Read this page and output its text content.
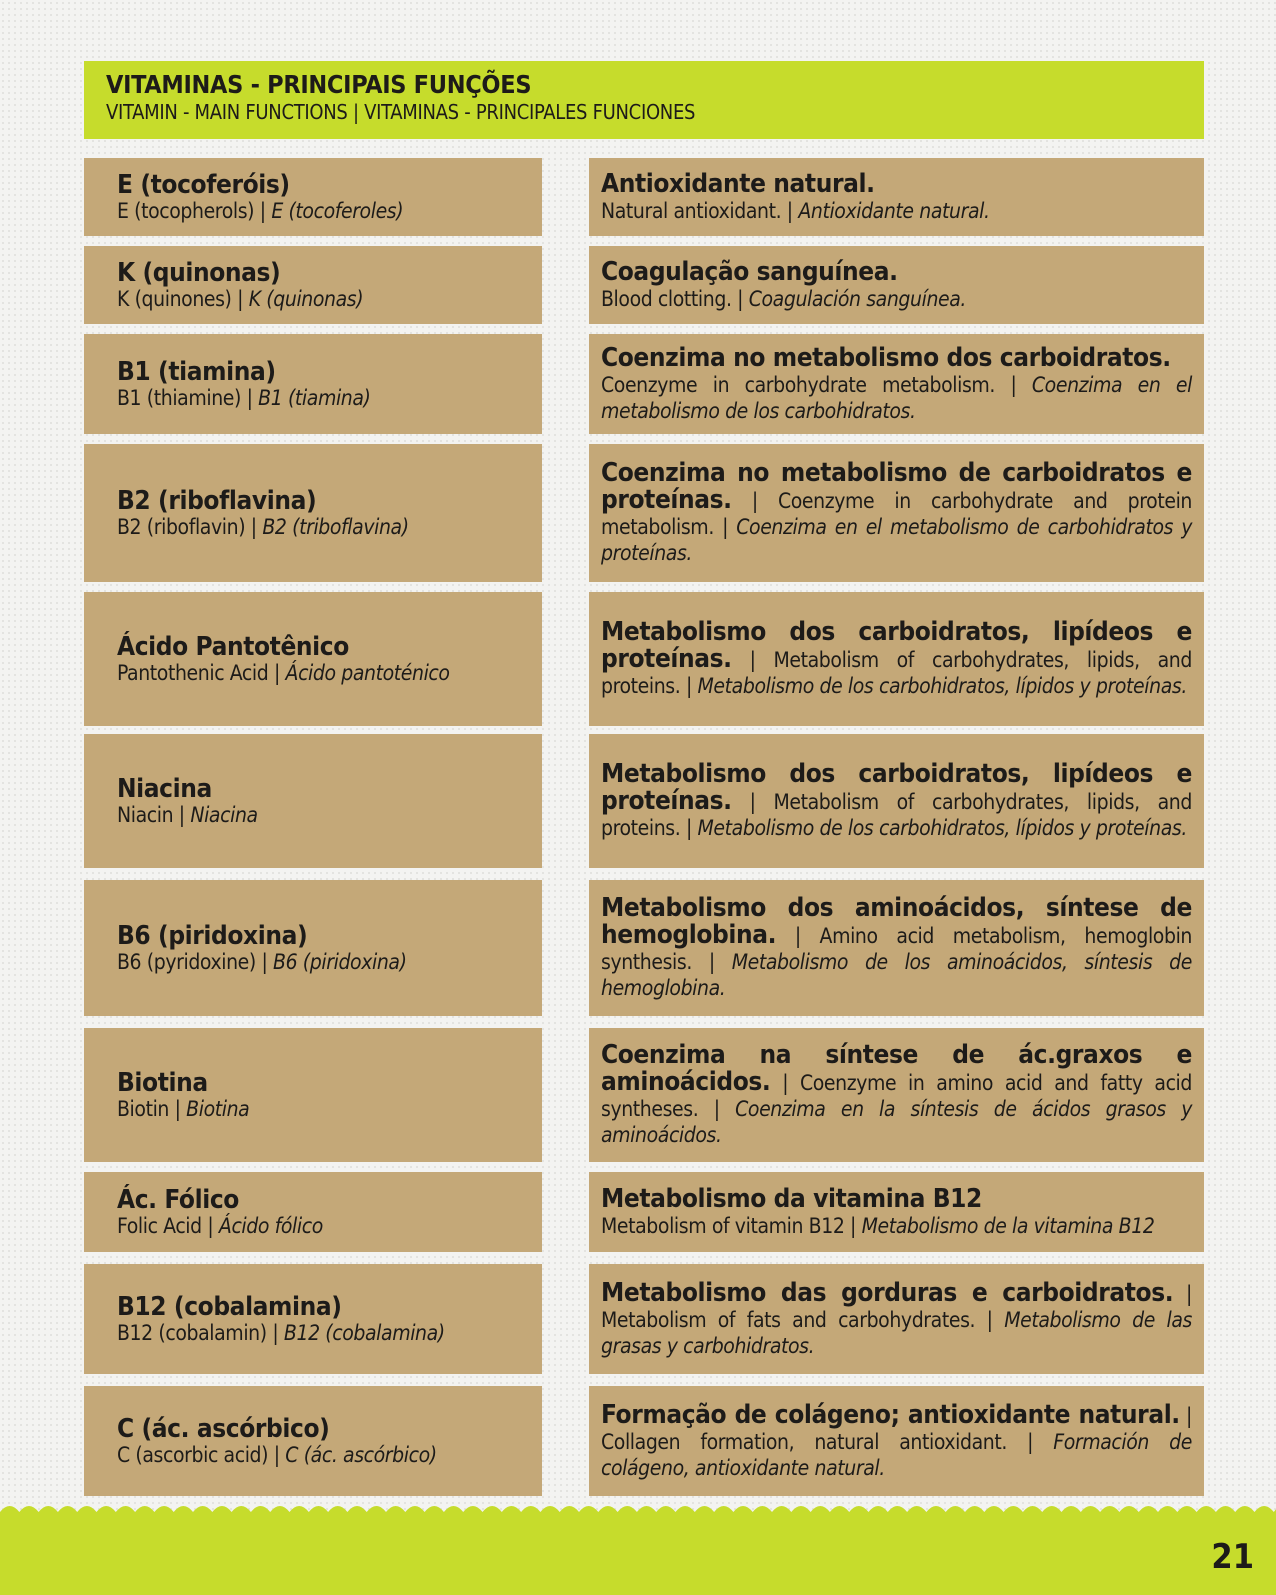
VITAMINAS - PRINCIPAIS FUNÇÕES
VITAMIN - MAIN FUNCTIONS | VITAMINAS - PRINCIPALES FUNCIONES
E (tocoferóis)
E (tocopherols) | E (tocoferoles)
Antioxidante natural.
Natural antioxidant. | Antioxidante natural.
K (quinonas)
K (quinones) | K (quinonas)
Coagulação sanguínea.
Blood clotting. | Coagulación sanguínea.
B1 (tiamina)
B1 (thiamine) | B1 (tiamina)
Coenzima no metabolismo dos carboidratos.
Coenzyme in carbohydrate metabolism. | Coenzima en el metabolismo de los carbohidratos.
B2 (riboflavina)
B2 (riboflavin) | B2 (triboflavina)
Coenzima no metabolismo de carboidratos e proteínas. | Coenzyme in carbohydrate and protein metabolism. | Coenzima en el metabolismo de carbohidratos y proteínas.
Ácido Pantotênico
Pantothenic Acid | Ácido pantoténico
Metabolismo dos carboidratos, lipídeos e proteínas. | Metabolism of carbohydrates, lipids, and proteins. | Metabolismo de los carbohidratos, lípidos y proteínas.
Niacina
Niacin | Niacina
Metabolismo dos carboidratos, lipídeos e proteínas. | Metabolism of carbohydrates, lipids, and proteins. | Metabolismo de los carbohidratos, lípidos y proteínas.
B6 (piridoxina)
B6 (pyridoxine) | B6 (piridoxina)
Metabolismo dos aminoácidos, síntese de hemoglobina. | Amino acid metabolism, hemoglobin synthesis. | Metabolismo de los aminoácidos, síntesis de hemoglobina.
Biotina
Biotin | Biotina
Coenzima na síntese de ác.graxos e aminoácidos. | Coenzyme in amino acid and fatty acid syntheses. | Coenzima en la síntesis de ácidos grasos y aminoácidos.
Ác. Fólico
Folic Acid | Ácido fólico
Metabolismo da vitamina B12
Metabolism of vitamin B12 | Metabolismo de la vitamina B12
B12 (cobalamina)
B12 (cobalamin) | B12 (cobalamina)
Metabolismo das gorduras e carboidratos. | Metabolism of fats and carbohydrates. | Metabolismo de las grasas y carbohidratos.
C (ác. ascórbico)
C (ascorbic acid) | C (ác. ascórbico)
Formação de colágeno; antioxidante natural. | Collagen formation, natural antioxidant. | Formación de colágeno, antioxidante natural.
21
